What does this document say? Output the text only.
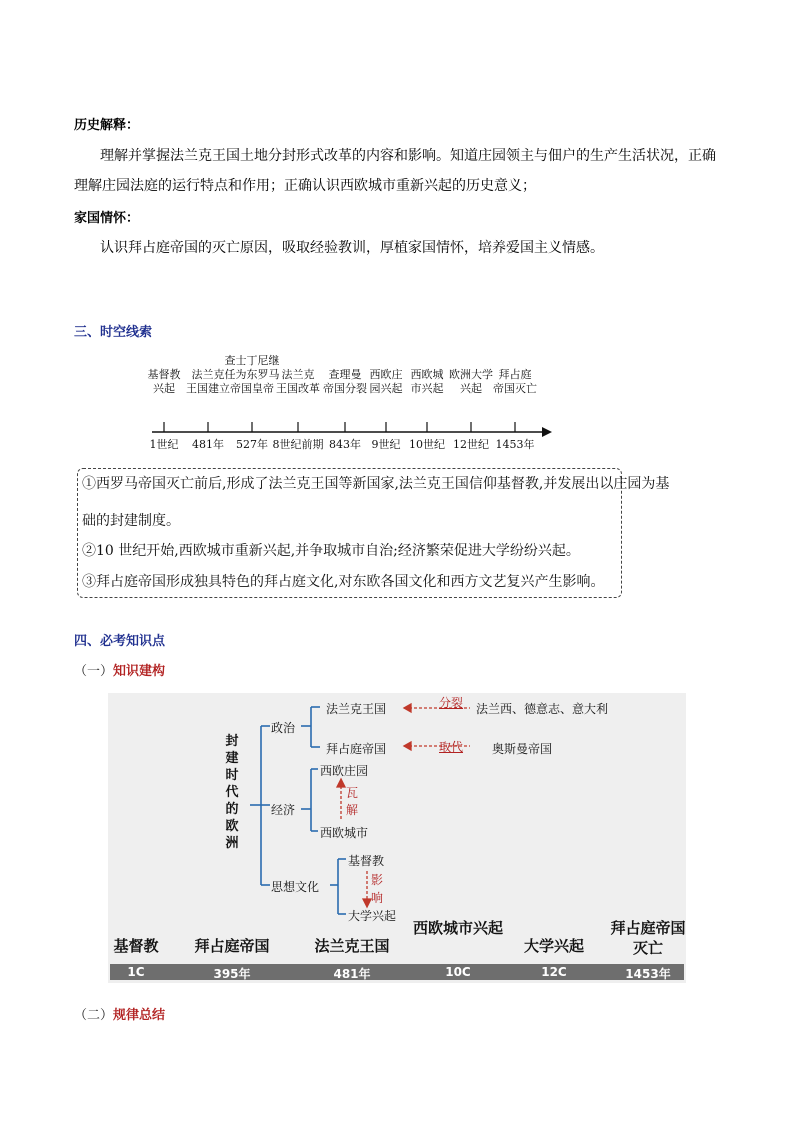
历史解释：
理解并掌握法兰克王国土地分封形式改革的内容和影响。知道庄园领主与佃户的生产生活状况，正确
理解庄园法庭的运行特点和作用；正确认识西欧城市重新兴起的历史意义；
家国情怀：
认识拜占庭帝国的灭亡原因，吸取经验教训，厚植家国情怀，培养爱国主义情感。
三、时空线索
基督教
兴起
法兰克
王国建立
查士丁尼继
任为东罗马
帝国皇帝
法兰克
王国改革
查理曼
帝国分裂
西欧庄
园兴起
西欧城
市兴起
欧洲大学
兴起
拜占庭
帝国灭亡
1世纪	481年	527年 8世纪前期 843年 9世纪 10世纪 12世纪 1453年
①西罗马帝国灭亡前后,形成了法兰克王国等新国家,法兰克王国信仰基督教,并发展出以庄园为基
础的封建制度。
②10 世纪开始,西欧城市重新兴起,并争取城市自治;经济繁荣促进大学纷纷兴起。
③拜占庭帝国形成独具特色的拜占庭文化,对东欧各国文化和西方文艺复兴产生影响。
四、必考知识点
（一）知识建构
封
建
时
代
的
欧
洲
政治
经济
思想文化
法兰克王国
拜占庭帝国
分裂 法兰西、德意志、意大利
取代 奥斯曼帝国
西欧庄园
瓦
解
西欧城市
基督教
影
响
大学兴起
基督教
1C
拜占庭帝国
395年
法兰克王国
481年
西欧城市兴起
10C
大学兴起
12C
拜占庭帝国灭亡
1453年
（二）规律总结
